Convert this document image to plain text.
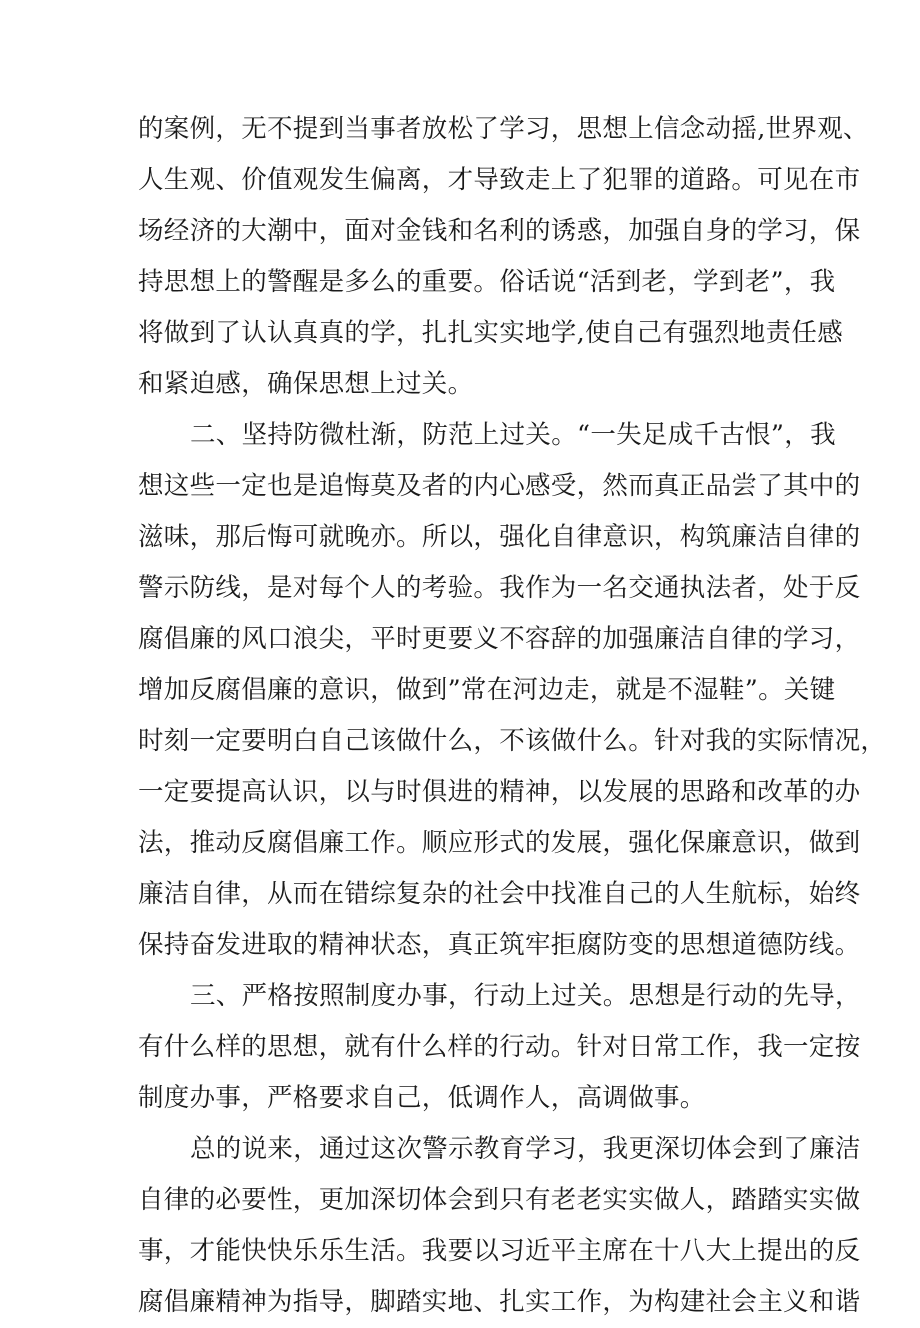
的案例，无不提到当事者放松了学习，思想上信念动摇,世界观、
人生观、价值观发生偏离，才导致走上了犯罪的道路。可见在市
场经济的大潮中，面对金钱和名利的诱惑，加强自身的学习，保
持思想上的警醒是多么的重要。俗话说“活到老，学到老”，我
将做到了认认真真的学，扎扎实实地学,使自己有强烈地责任感
和紧迫感，确保思想上过关。
二、坚持防微杜渐，防范上过关。“一失足成千古恨”，我
想这些一定也是追悔莫及者的内心感受，然而真正品尝了其中的
滋味，那后悔可就晚亦。所以，强化自律意识，构筑廉洁自律的
警示防线，是对每个人的考验。我作为一名交通执法者，处于反
腐倡廉的风口浪尖，平时更要义不容辞的加强廉洁自律的学习，
增加反腐倡廉的意识，做到”常在河边走，就是不湿鞋”。关键
时刻一定要明白自己该做什么，不该做什么。针对我的实际情况，
一定要提高认识，以与时俱进的精神，以发展的思路和改革的办
法，推动反腐倡廉工作。顺应形式的发展，强化保廉意识，做到
廉洁自律，从而在错综复杂的社会中找准自己的人生航标，始终
保持奋发进取的精神状态，真正筑牢拒腐防变的思想道德防线。
三、严格按照制度办事，行动上过关。思想是行动的先导，
有什么样的思想，就有什么样的行动。针对日常工作，我一定按
制度办事，严格要求自己，低调作人，高调做事。
总的说来，通过这次警示教育学习，我更深切体会到了廉洁
自律的必要性，更加深切体会到只有老老实实做人，踏踏实实做
事，才能快快乐乐生活。我要以习近平主席在十八大上提出的反
腐倡廉精神为指导，脚踏实地、扎实工作，为构建社会主义和谐
